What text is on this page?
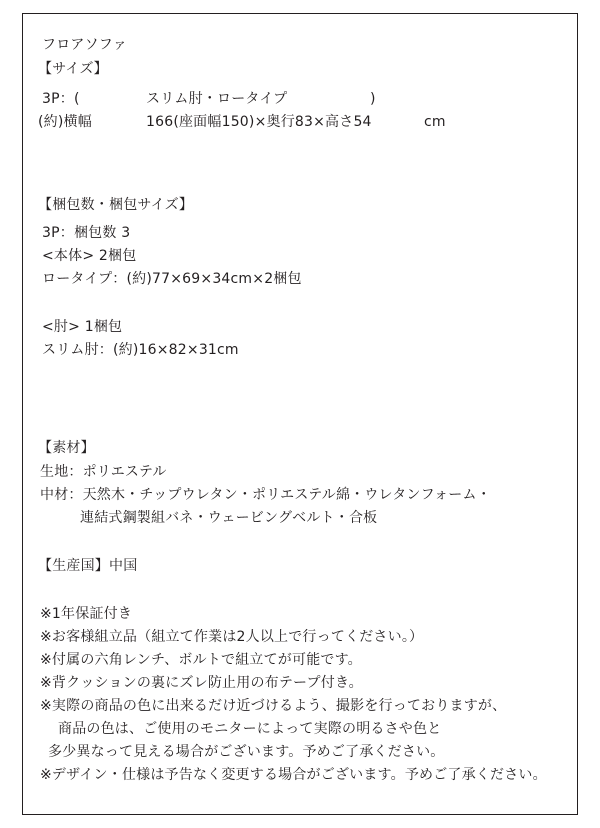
フロアソファ
【サイズ】
3P：(	スリム肘・ロータイプ	)
(約)横幅	166(座面幅150)×奥行83×高さ54	cm
【梱包数・梱包サイズ】
3P：梱包数 3
<本体> 2梱包
ロータイプ：(約)77×69×34cm×2梱包
<肘> 1梱包
スリム肘：(約)16×82×31cm
【素材】
生地：ポリエステル
中材：天然木・チップウレタン・ポリエステル綿・ウレタンフォーム・
連結式鋼製組バネ・ウェービングベルト・合板
【生産国】中国
※1年保証付き
※お客様組立品（組立て作業は2人以上で行ってください。）
※付属の六角レンチ、ボルトで組立てが可能です。
※背クッションの裏にズレ防止用の布テープ付き。
※実際の商品の色に出来るだけ近づけるよう、撮影を行っておりますが、
商品の色は、ご使用のモニターによって実際の明るさや色と
多少異なって見える場合がございます。予めご了承ください。
※デザイン・仕様は予告なく変更する場合がございます。予めご了承ください。
